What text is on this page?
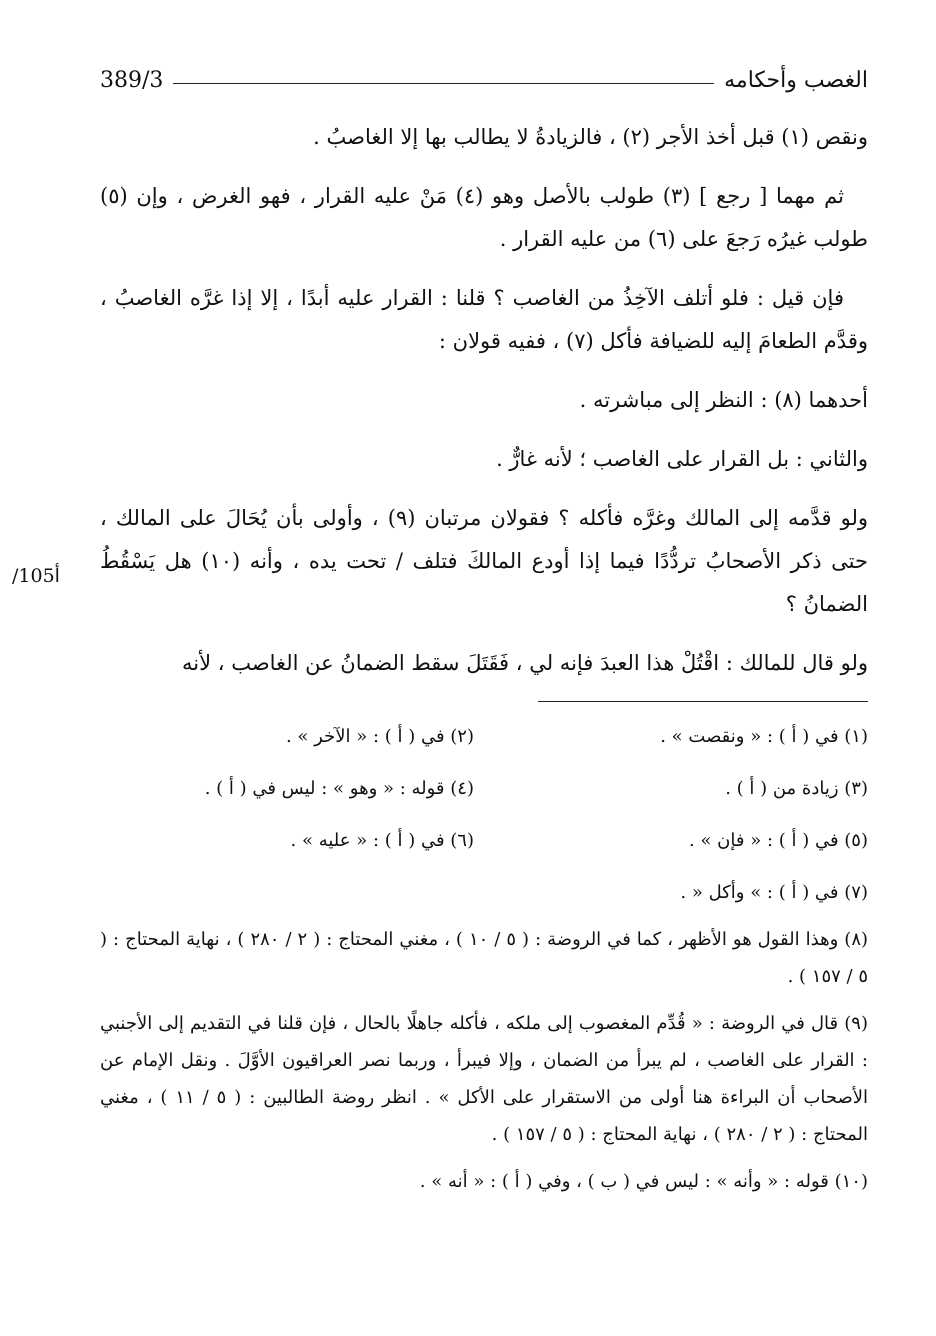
الغصب وأحكامه
389/3
/105أ

ونقص (١) قبل أخذ الأجر (٢) ، فالزيادةُ لا يطالب بها إلا الغاصبُ .

ثم مهما [ رجع ] (٣) طولب بالأصل وهو (٤) مَنْ عليه القرار ، فهو الغرض ، وإن (٥) طولب غيرُه رَجعَ على (٦) من عليه القرار .

فإن قيل : فلو أتلف الآخِذُ من الغاصب ؟ قلنا : القرار عليه أبدًا ، إلا إذا غرَّه الغاصبُ ، وقدَّم الطعامَ إليه للضيافة فأكل (٧) ، ففيه قولان :

أحدهما (٨) : النظر إلى مباشرته .

والثاني : بل القرار على الغاصب ؛ لأنه غارٌّ .

ولو قدَّمه إلى المالك وغرَّه فأكله ؟ فقولان مرتبان (٩) ، وأولى بأن يُحَالَ على المالك ، حتى ذكر الأصحابُ تردُّدًا فيما إذا أودع المالكَ فتلف / تحت يده ، وأنه (١٠) هل يَسْقُطُ الضمانُ ؟

ولو قال للمالك : اقْتُلْ هذا العبدَ فإنه لي ، فَقَتَلَ سقط الضمانُ عن الغاصب ، لأنه

(١) في ( أ ) : « ونقصت » .
(٢) في ( أ ) : « الآخر » .
(٣) زيادة من ( أ ) .
(٤) قوله : « وهو » : ليس في ( أ ) .
(٥) في ( أ ) : « فإن » .
(٦) في ( أ ) : « عليه » .
(٧) في ( أ ) : » وأكل « .
(٨) وهذا القول هو الأظهر ، كما في الروضة : ( ٥ / ١٠ ) ، مغني المحتاج : ( ٢ / ٢٨٠ ) ، نهاية المحتاج : ( ٥ / ١٥٧ ) .
(٩) قال في الروضة : « قُدِّم المغصوب إلى ملكه ، فأكله جاهلًا بالحال ، فإن قلنا في التقديم إلى الأجنبي : القرار على الغاصب ، لم يبرأ من الضمان ، وإلا فيبرأ ، وربما نصر العراقيون الأوَّلَ . ونقل الإمام عن الأصحاب أن البراءة هنا أولى من الاستقرار على الأكل » . انظر روضة الطالبين : ( ٥ / ١١ ) ، مغني المحتاج : ( ٢ / ٢٨٠ ) ، نهاية المحتاج : ( ٥ / ١٥٧ ) .
(١٠) قوله : « وأنه » : ليس في ( ب ) ، وفي ( أ ) : « أنه » .
